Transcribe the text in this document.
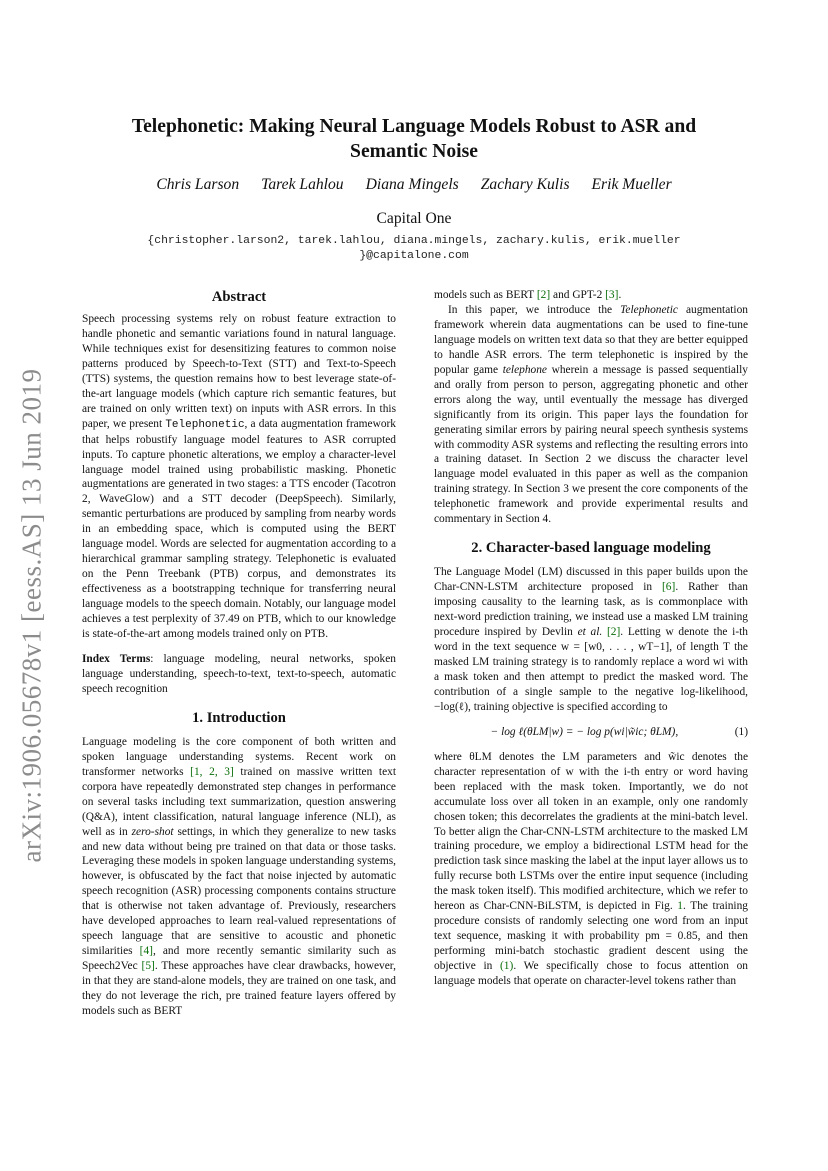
arXiv:1906.05678v1 [eess.AS] 13 Jun 2019
Telephonetic: Making Neural Language Models Robust to ASR and
Semantic Noise
Chris Larson Tarek Lahlou Diana Mingels Zachary Kulis Erik Mueller
Capital One
{christopher.larson2, tarek.lahlou, diana.mingels, zachary.kulis, erik.mueller
}@capitalone.com
Abstract

Speech processing systems rely on robust feature extraction to handle phonetic and semantic variations found in natural language. While techniques exist for desensitizing features to common noise patterns produced by Speech-to-Text (STT) and Text-to-Speech (TTS) systems, the question remains how to best leverage state-of-the-art language models (which capture rich semantic features, but are trained on only written text) on inputs with ASR errors. In this paper, we present Telephonetic, a data augmentation framework that helps robustify language model features to ASR corrupted inputs. To capture phonetic alterations, we employ a character-level language model trained using probabilistic masking. Phonetic augmentations are generated in two stages: a TTS encoder (Tacotron 2, WaveGlow) and a STT decoder (DeepSpeech). Similarly, semantic perturbations are produced by sampling from nearby words in an embedding space, which is computed using the BERT language model. Words are selected for augmentation according to a hierarchical grammar sampling strategy. Telephonetic is evaluated on the Penn Treebank (PTB) corpus, and demonstrates its effectiveness as a bootstrapping technique for transferring neural language models to the speech domain. Notably, our language model achieves a test perplexity of 37.49 on PTB, which to our knowledge is state-of-the-art among models trained only on PTB.

Index Terms: language modeling, neural networks, spoken language understanding, speech-to-text, text-to-speech, automatic speech recognition

1. Introduction

Language modeling is the core component of both written and spoken language understanding systems. Recent work on transformer networks [1, 2, 3] trained on massive written text corpora have repeatedly demonstrated step changes in performance on several tasks including text summarization, question answering (Q&A), intent classification, natural language inference (NLI), as well as in zero-shot settings, in which they generalize to new tasks and new data without being pre trained on that data or those tasks. Leveraging these models in spoken language understanding systems, however, is obfuscated by the fact that noise injected by automatic speech recognition (ASR) processing components contains structure that is otherwise not taken advantage of. Previously, researchers have developed approaches to learn real-valued representations of speech language that are sensitive to acoustic and phonetic similarities [4], and more recently semantic similarity such as Speech2Vec [5]. These approaches have clear drawbacks, however, in that they are stand-alone models, they are trained on one task, and they do not leverage the rich, pre trained feature layers offered by models such as BERT

models such as BERT [2] and GPT-2 [3].

In this paper, we introduce the Telephonetic augmentation framework wherein data augmentations can be used to fine-tune language models on written text data so that they are better equipped to handle ASR errors. The term telephonetic is inspired by the popular game telephone wherein a message is passed sequentially and orally from person to person, aggregating phonetic and other errors along the way, until eventually the message has diverged significantly from its origin. This paper lays the foundation for generating similar errors by pairing neural speech synthesis systems with commodity ASR systems and reflecting the resulting errors into a training dataset. In Section 2 we discuss the character level language model evaluated in this paper as well as the companion training strategy. In Section 3 we present the core components of the telephonetic framework and provide experimental results and commentary in Section 4.

2. Character-based language modeling

The Language Model (LM) discussed in this paper builds upon the Char-CNN-LSTM architecture proposed in [6]. Rather than imposing causality to the learning task, as is commonplace with next-word prediction training, we instead use a masked LM training procedure inspired by Devlin et al. [2]. Letting w denote the i-th word in the text sequence w = [w0, . . . , wT−1], of length T the masked LM training strategy is to randomly replace a word wi with a mask token and then attempt to predict the masked word. The contribution of a single sample to the negative log-likelihood, −log(ℓ), training objective is specified according to

− log ℓ(θLM|w) = − log p(wi|w̃ic; θLM),	(1)

where θLM denotes the LM parameters and w̃ic denotes the character representation of w with the i-th entry or word having been replaced with the mask token. Importantly, we do not accumulate loss over all token in an example, only one randomly chosen token; this decorrelates the gradients at the mini-batch level. To better align the Char-CNN-LSTM architecture to the masked LM training procedure, we employ a bidirectional LSTM head for the prediction task since masking the label at the input layer allows us to fully recurse both LSTMs over the entire input sequence (including the mask token itself). This modified architecture, which we refer to hereon as Char-CNN-BiLSTM, is depicted in Fig. 1. The training procedure consists of randomly selecting one word from an input text sequence, masking it with probability pm = 0.85, and then performing mini-batch stochastic gradient descent using the objective in (1). We specifically chose to focus attention on language models that operate on character-level tokens rather than
